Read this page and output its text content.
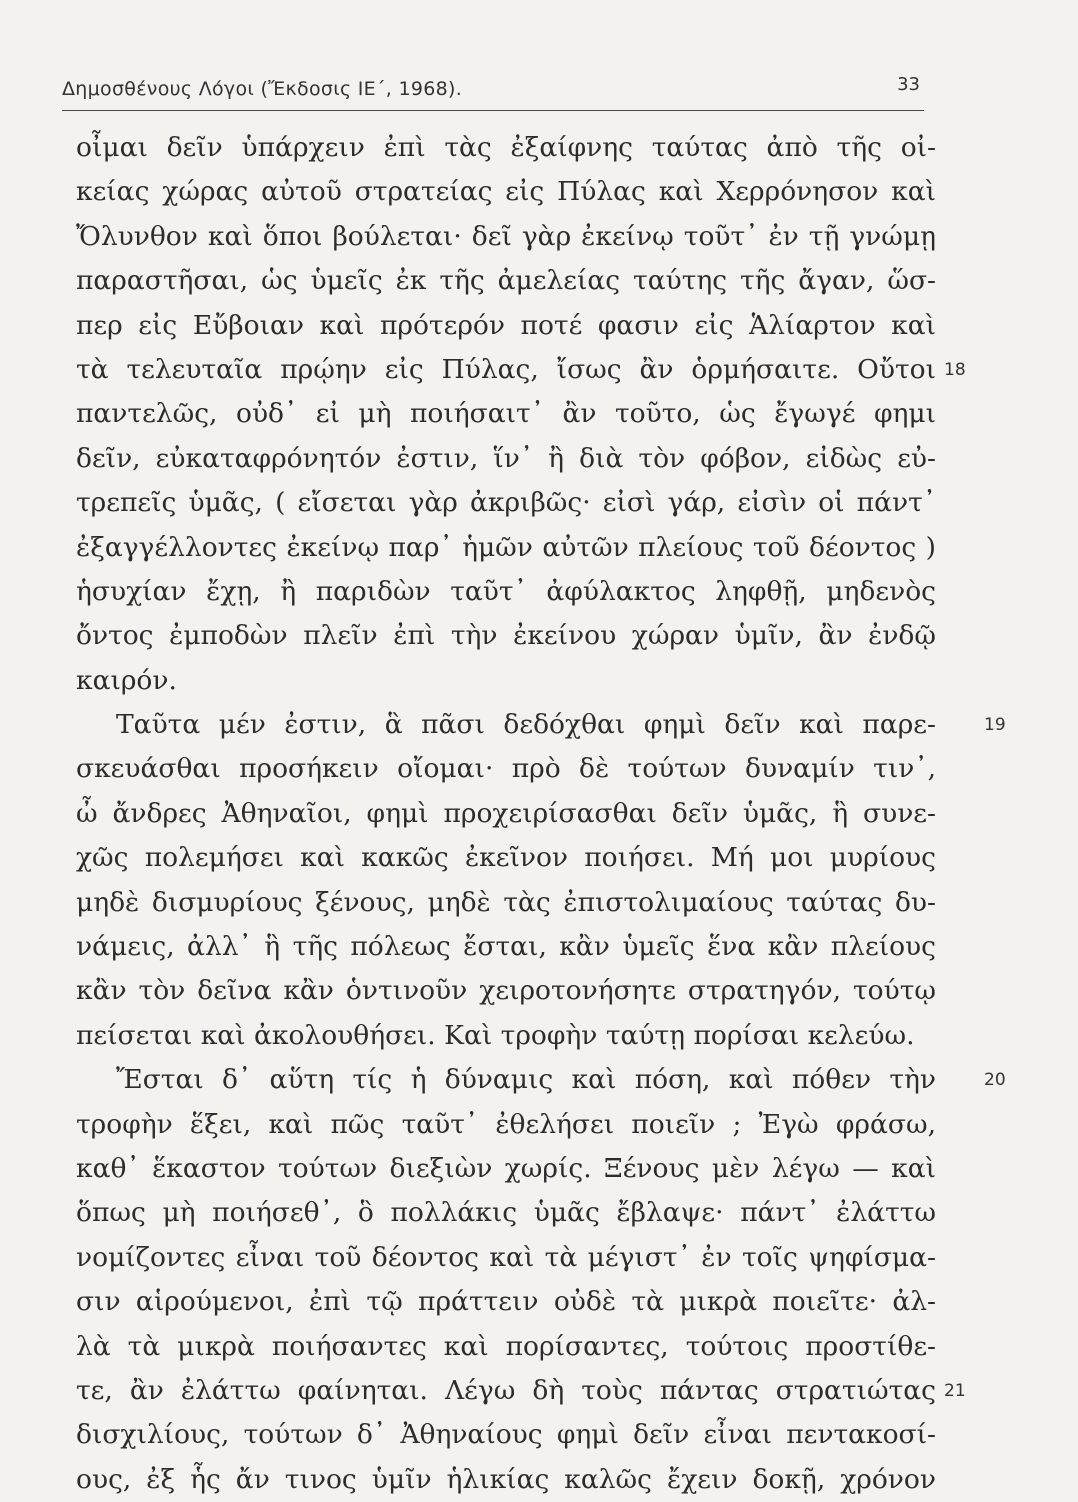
Δημοσθένους Λόγοι (Ἔκδοσις ΙΕ΄, 1968).	33
οἶμαι δεῖν ὑπάρχειν ἐπὶ τὰς ἐξαίφνης ταύτας ἀπὸ τῆς οἰ-
κείας χώρας αὐτοῦ στρατείας εἰς Πύλας καὶ Χερρόνησον καὶ
Ὄλυνθον καὶ ὅποι βούλεται· δεῖ γὰρ ἐκείνῳ τοῦτ᾽ ἐν τῇ γνώμῃ
παραστῆσαι, ὡς ὑμεῖς ἐκ τῆς ἀμελείας ταύτης τῆς ἄγαν, ὥσ-
περ εἰς Εὔβοιαν καὶ πρότερόν ποτέ φασιν εἰς Ἁλίαρτον καὶ
τὰ τελευταῖα πρῴην εἰς Πύλας, ἴσως ἂν ὁρμήσαιτε. Οὔτοι 18
παντελῶς, οὐδ᾽ εἰ μὴ ποιήσαιτ᾽ ἂν τοῦτο, ὡς ἔγωγέ φημι
δεῖν, εὐκαταφρόνητόν ἐστιν, ἵν᾽ ἢ διὰ τὸν φόβον, εἰδὼς εὐ-
τρεπεῖς ὑμᾶς, ( εἴσεται γὰρ ἀκριβῶς· εἰσὶ γάρ, εἰσὶν οἱ πάντ᾽
ἐξαγγέλλοντες ἐκείνῳ παρ᾽ ἡμῶν αὐτῶν πλείους τοῦ δέοντος )
ἡσυχίαν ἔχῃ, ἢ παριδὼν ταῦτ᾽ ἀφύλακτος ληφθῇ, μηδενὸς
ὄντος ἐμποδὼν πλεῖν ἐπὶ τὴν ἐκείνου χώραν ὑμῖν, ἂν ἐνδῷ
καιρόν.
Ταῦτα μέν ἐστιν, ἃ πᾶσι δεδόχθαι φημὶ δεῖν καὶ παρε-	19
σκευάσθαι προσήκειν οἴομαι· πρὸ δὲ τούτων δυναμίν τιν᾽,
ὦ ἄνδρες Ἀθηναῖοι, φημὶ προχειρίσασθαι δεῖν ὑμᾶς, ἣ συνε-
χῶς πολεμήσει καὶ κακῶς ἐκεῖνον ποιήσει. Μή μοι μυρίους
μηδὲ δισμυρίους ξένους, μηδὲ τὰς ἐπιστολιμαίους ταύτας δυ-
νάμεις, ἀλλ᾽ ἣ τῆς πόλεως ἔσται, κἂν ὑμεῖς ἕνα κἂν πλείους
κἂν τὸν δεῖνα κἂν ὁντινοῦν χειροτονήσητε στρατηγόν, τούτῳ
πείσεται καὶ ἀκολουθήσει. Καὶ τροφὴν ταύτῃ πορίσαι κελεύω.
Ἔσται δ᾽ αὕτη τίς ἡ δύναμις καὶ πόση, καὶ πόθεν τὴν	20
τροφὴν ἕξει, καὶ πῶς ταῦτ᾽ ἐθελήσει ποιεῖν ; Ἐγὼ φράσω,
καθ᾽ ἕκαστον τούτων διεξιὼν χωρίς. Ξένους μὲν λέγω — καὶ
ὅπως μὴ ποιήσεθ᾽, ὃ πολλάκις ὑμᾶς ἔβλαψε· πάντ᾽ ἐλάττω
νομίζοντες εἶναι τοῦ δέοντος καὶ τὰ μέγιστ᾽ ἐν τοῖς ψηφίσμα-
σιν αἱρούμενοι, ἐπὶ τῷ πράττειν οὐδὲ τὰ μικρὰ ποιεῖτε· ἀλ-
λὰ τὰ μικρὰ ποιήσαντες καὶ πορίσαντες, τούτοις προστίθε-
τε, ἂν ἐλάττω φαίνηται. Λέγω δὴ τοὺς πάντας στρατιώτας 21
δισχιλίους, τούτων δ᾽ Ἀθηναίους φημὶ δεῖν εἶναι πεντακοσί-
ους, ἐξ ἧς ἄν τινος ὑμῖν ἡλικίας καλῶς ἔχειν δοκῇ, χρόνον
